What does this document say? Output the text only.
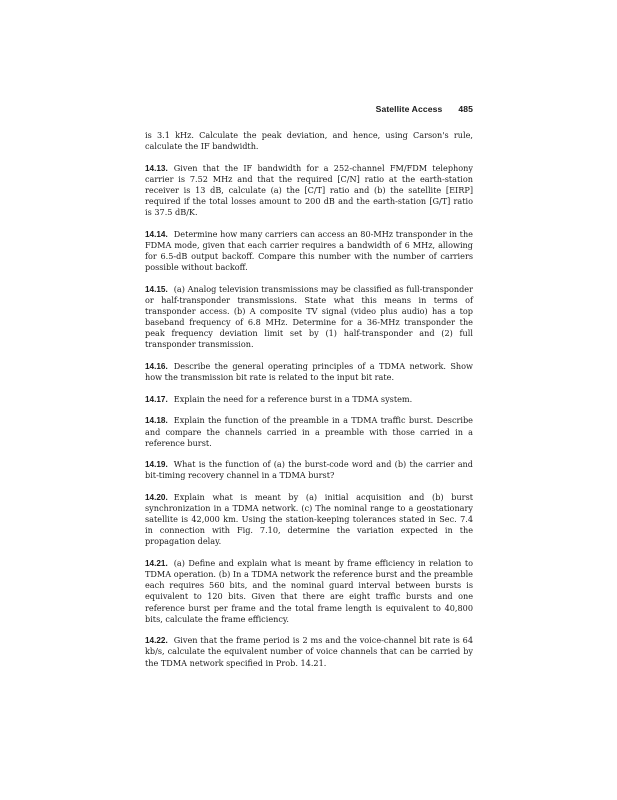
Satellite Access 485

is 3.1 kHz. Calculate the peak deviation, and hence, using Carson's rule, calculate the IF bandwidth.

14.13. Given that the IF bandwidth for a 252-channel FM/FDM telephony carrier is 7.52 MHz and that the required [C/N] ratio at the earth-station receiver is 13 dB, calculate (a) the [C/T] ratio and (b) the satellite [EIRP] required if the total losses amount to 200 dB and the earth-station [G/T] ratio is 37.5 dB/K.

14.14. Determine how many carriers can access an 80-MHz transponder in the FDMA mode, given that each carrier requires a bandwidth of 6 MHz, allowing for 6.5-dB output backoff. Compare this number with the number of carriers possible without backoff.

14.15. (a) Analog television transmissions may be classified as full-transponder or half-transponder transmissions. State what this means in terms of transponder access. (b) A composite TV signal (video plus audio) has a top baseband frequency of 6.8 MHz. Determine for a 36-MHz transponder the peak frequency deviation limit set by (1) half-transponder and (2) full transponder transmission.

14.16. Describe the general operating principles of a TDMA network. Show how the transmission bit rate is related to the input bit rate.

14.17. Explain the need for a reference burst in a TDMA system.

14.18. Explain the function of the preamble in a TDMA traffic burst. Describe and compare the channels carried in a preamble with those carried in a reference burst.

14.19. What is the function of (a) the burst-code word and (b) the carrier and bit-timing recovery channel in a TDMA burst?

14.20. Explain what is meant by (a) initial acquisition and (b) burst synchronization in a TDMA network. (c) The nominal range to a geostationary satellite is 42,000 km. Using the station-keeping tolerances stated in Sec. 7.4 in connection with Fig. 7.10, determine the variation expected in the propagation delay.

14.21. (a) Define and explain what is meant by frame efficiency in relation to TDMA operation. (b) In a TDMA network the reference burst and the preamble each requires 560 bits, and the nominal guard interval between bursts is equivalent to 120 bits. Given that there are eight traffic bursts and one reference burst per frame and the total frame length is equivalent to 40,800 bits, calculate the frame efficiency.

14.22. Given that the frame period is 2 ms and the voice-channel bit rate is 64 kb/s, calculate the equivalent number of voice channels that can be carried by the TDMA network specified in Prob. 14.21.
